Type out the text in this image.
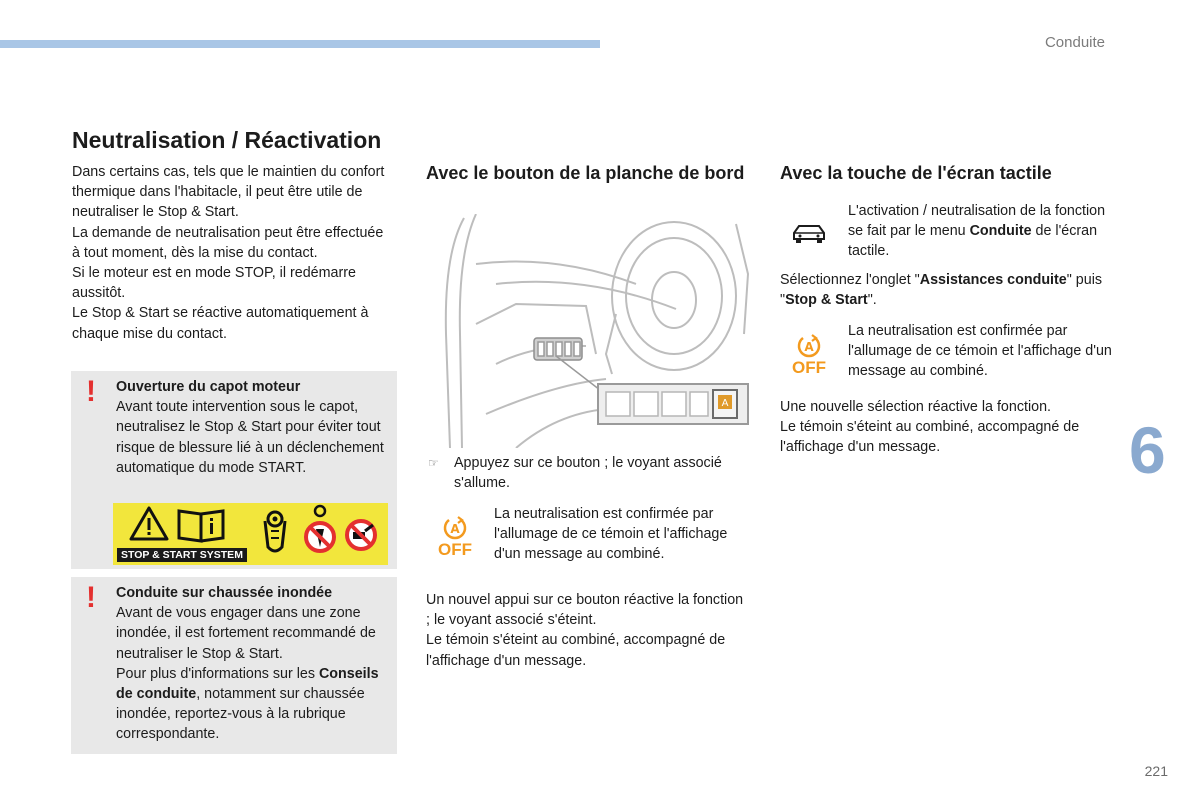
Conduite
6
221
Neutralisation / Réactivation

Dans certains cas, tels que le maintien du confort thermique dans l'habitacle, il peut être utile de neutraliser le Stop & Start.

La demande de neutralisation peut être effectuée à tout moment, dès la mise du contact.

Si le moteur est en mode STOP, il redémarre aussitôt.

Le Stop & Start se réactive automatiquement à chaque mise du contact.

! Ouverture du capot moteur
Avant toute intervention sous le capot, neutralisez le Stop & Start pour éviter tout risque de blessure lié à un déclenchement automatique du mode START.
STOP & START SYSTEM
! Conduite sur chaussée inondée
Avant de vous engager dans une zone inondée, il est fortement recommandé de neutraliser le Stop & Start.
Pour plus d'informations sur les Conseils de conduite, notamment sur chaussée inondée, reportez-vous à la rubrique correspondante.
Avec le bouton de la planche de bord	Avec la touche de l'écran tactile
A
☞ Appuyez sur ce bouton ; le voyant associé s'allume.
A
OFF
La neutralisation est confirmée par l'allumage de ce témoin et l'affichage d'un message au combiné.
Un nouvel appui sur ce bouton réactive la fonction ; le voyant associé s'éteint.
Le témoin s'éteint au combiné, accompagné de l'affichage d'un message.
L'activation / neutralisation de la fonction se fait par le menu Conduite de l'écran tactile.
Sélectionnez l'onglet "Assistances conduite" puis "Stop & Start".
A
OFF
La neutralisation est confirmée par l'allumage de ce témoin et l'affichage d'un message au combiné.
Une nouvelle sélection réactive la fonction.
Le témoin s'éteint au combiné, accompagné de l'affichage d'un message.
